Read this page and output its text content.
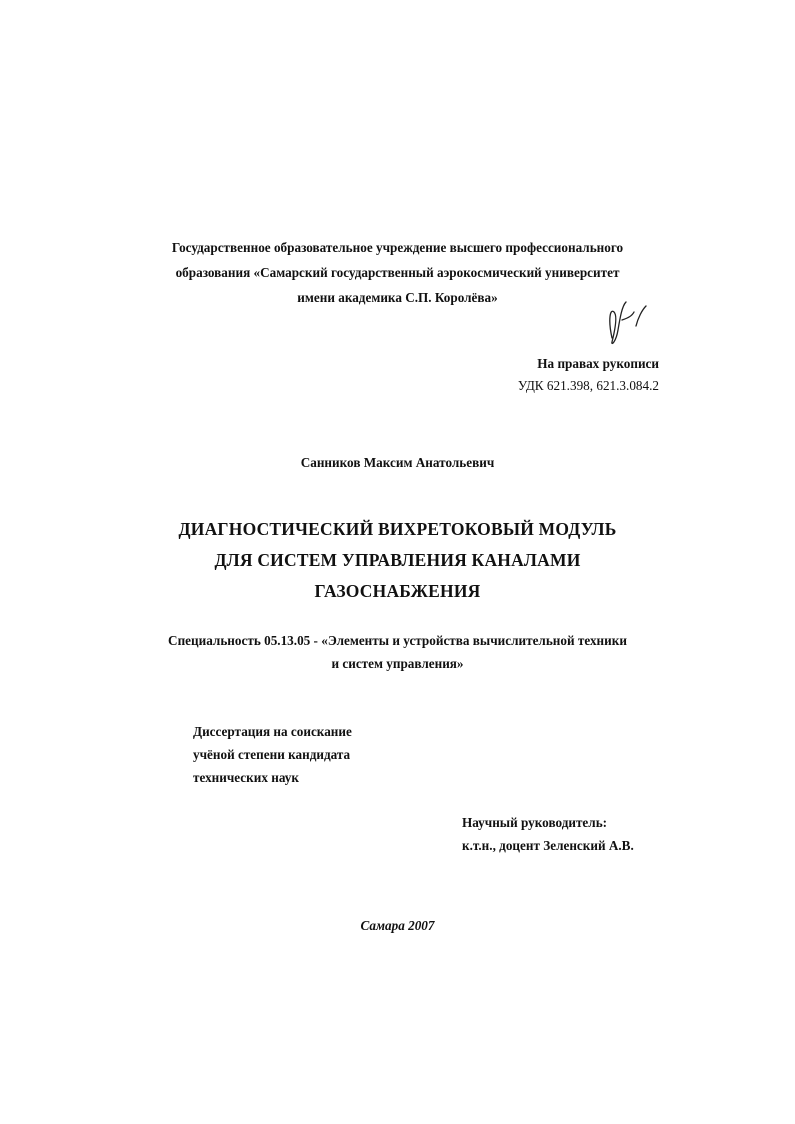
Государственное образовательное учреждение высшего профессионального
образования «Самарский государственный аэрокосмический университет
имени академика С.П. Королёва»
На правах рукописи
УДК 621.398, 621.3.084.2
Санников Максим Анатольевич
ДИАГНОСТИЧЕСКИЙ ВИХРЕТОКОВЫЙ МОДУЛЬ
ДЛЯ СИСТЕМ УПРАВЛЕНИЯ КАНАЛАМИ
ГАЗОСНАБЖЕНИЯ
Специальность 05.13.05 - «Элементы и устройства вычислительной техники
и систем управления»
Диссертация на соискание
учёной степени кандидата
технических наук
Научный руководитель:
к.т.н., доцент Зеленский А.В.
Самара 2007
